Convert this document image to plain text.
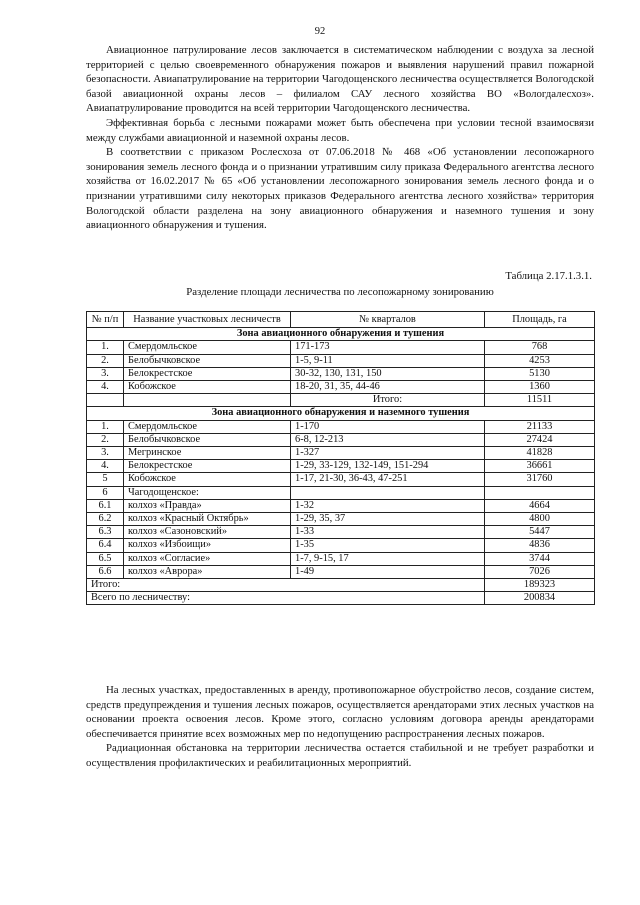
92

Авиационное патрулирование лесов заключается в систематическом наблюдении с воздуха за лесной территорией с целью своевременного обнаружения пожаров и выявления нарушений правил пожарной безопасности. Авиапатрулирование на территории Чагодощенского лесничества осуществляется Вологодской базой авиационной охраны лесов – филиалом САУ лесного хозяйства ВО «Вологдалесхоз». Авиапатрулирование проводится на всей территории Чагодощенского лесничества.

Эффективная борьба с лесными пожарами может быть обеспечена при условии тесной взаимосвязи между службами авиационной и наземной охраны лесов.

В соответствии с приказом Рослесхоза от 07.06.2018 № 468 «Об установлении лесопожарного зонирования земель лесного фонда и о признании утратившим силу приказа Федерального агентства лесного хозяйства от 16.02.2017 № 65 «Об установлении лесопожарного зонирования земель лесного фонда и о признании утратившими силу некоторых приказов Федерального агентства лесного хозяйства» территория Вологодской области разделена на зону авиационного обнаружения и наземного тушения и зону авиационного обнаружения и тушения.

Таблица 2.17.1.3.1.
Разделение площади лесничества по лесопожарному зонированию
№ п/п	Название участковых лесничеств	№ кварталов	Площадь, га
Зона авиационного обнаружения и тушения			
1.	Смердомльское	171-173	768
2.	Белобычковское	1-5, 9-11	4253
3.	Белокрестское	30-32, 130, 131, 150	5130
4.	Кобожское	18-20, 31, 35, 44-46	1360
		Итого:	11511
Зона авиационного обнаружения и наземного тушения			
1.	Смердомльское	1-170	21133
2.	Белобычковское	6-8, 12-213	27424
3.	Мегринское	1-327	41828
4.	Белокрестское	1-29, 33-129, 132-149, 151-294	36661
5	Кобожское	1-17, 21-30, 36-43, 47-251	31760
6	Чагодощенское:		
6.1	колхоз «Правда»	1-32	4664
6.2	колхоз «Красный Октябрь»	1-29, 35, 37	4800
6.3	колхоз «Сазоновский»	1-33	5447
6.4	колхоз «Избоищи»	1-35	4836
6.5	колхоз «Согласие»	1-7, 9-15, 17	3744
6.6	колхоз «Аврора»	1-49	7026
Итого:			189323
Всего по лесничеству:			200834

На лесных участках, предоставленных в аренду, противопожарное обустройство лесов, создание систем, средств предупреждения и тушения лесных пожаров, осуществляется арендаторами этих лесных участков на основании проекта освоения лесов. Кроме этого, согласно условиям договора аренды арендаторами обеспечивается принятие всех возможных мер по недопущению распространения лесных пожаров.

Радиационная обстановка на территории лесничества остается стабильной и не требует разработки и осуществления профилактических и реабилитационных мероприятий.
